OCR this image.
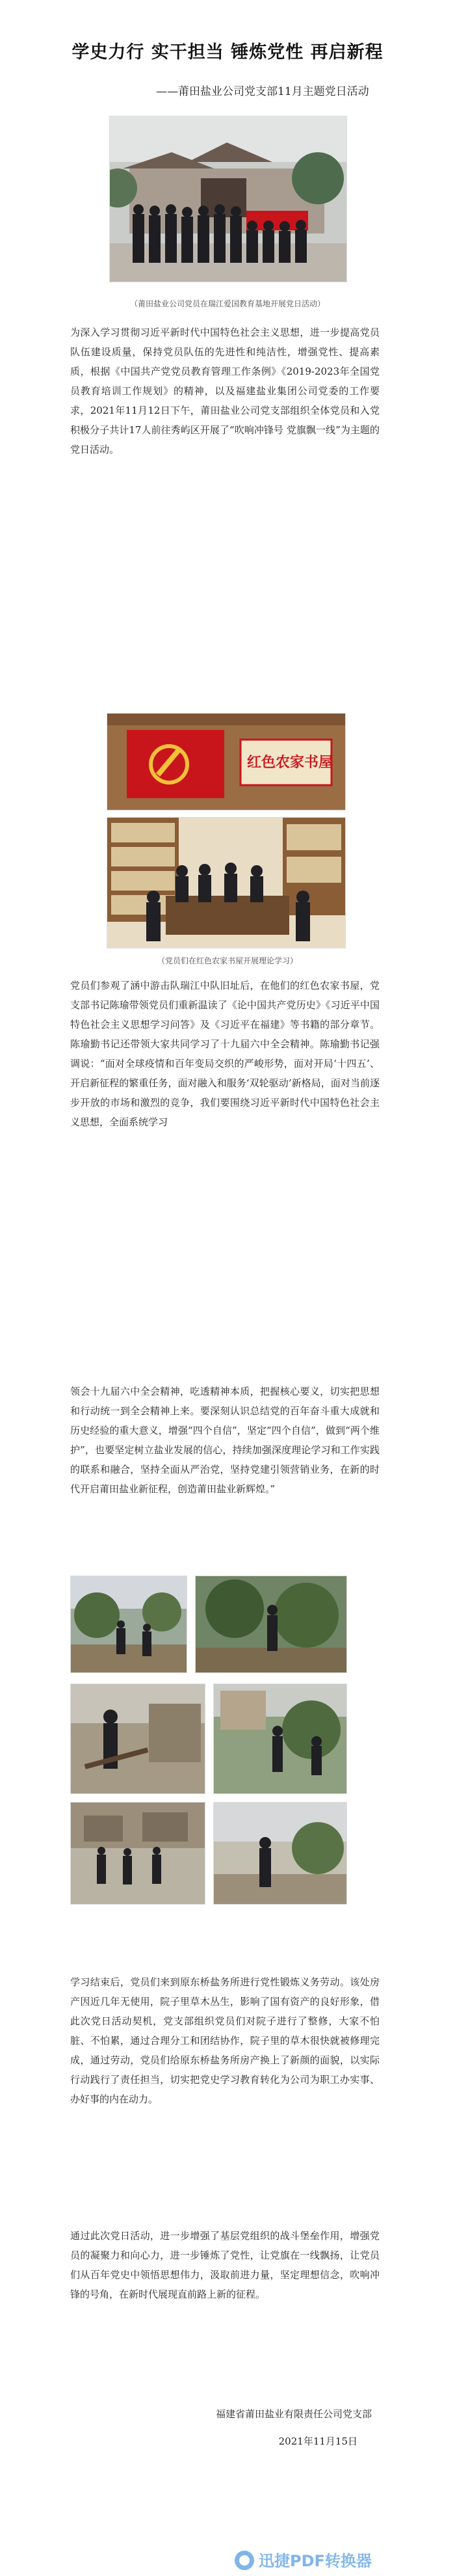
学史力行 实干担当 锤炼党性 再启新程
——莆田盐业公司党支部11月主题党日活动
（莆田盐业公司党员在瑞江爱国教育基地开展党日活动）

为深入学习贯彻习近平新时代中国特色社会主义思想，进一步提高党员队伍建设质量，保持党员队伍的先进性和纯洁性，增强党性、提高素质，根据《中国共产党党员教育管理工作条例》《2019-2023年全国党员教育培训工作规划》的精神，以及福建盐业集团公司党委的工作要求，2021年11月12日下午，莆田盐业公司党支部组织全体党员和入党积极分子共计17人前往秀屿区开展了“吹响冲锋号 党旗飘一线”为主题的党日活动。

红色农家书屋
（党员们在红色农家书屋开展理论学习）

党员们参观了涵中游击队瑞江中队旧址后，在他们的红色农家书屋，党支部书记陈瑜带领党员们重新温读了《论中国共产党历史》《习近平中国特色社会主义思想学习问答》及《习近平在福建》等书籍的部分章节。陈瑜勤书记还带领大家共同学习了十九届六中全会精神。陈瑜勤书记强调说：“面对全球疫情和百年变局交织的严峻形势，面对开局‘十四五’、开启新征程的繁重任务，面对融入和服务‘双轮驱动’新格局，面对当前逐步开放的市场和激烈的竞争，我们要围绕习近平新时代中国特色社会主义思想，全面系统学习

领会十九届六中全会精神，吃透精神本质，把握核心要义，切实把思想和行动统一到全会精神上来。要深刻认识总结党的百年奋斗重大成就和历史经验的重大意义，增强“四个自信”，坚定“四个自信”，做到“两个维护”，也要坚定树立盐业发展的信心，持续加强深度理论学习和工作实践的联系和融合，坚持全面从严治党，坚持党建引领营销业务，在新的时代开启莆田盐业新征程，创造莆田盐业新辉煌。”

学习结束后，党员们来到原东桥盐务所进行党性锻炼义务劳动。该处房产因近几年无使用，院子里草木丛生，影响了国有资产的良好形象，借此次党日活动契机，党支部组织党员们对院子进行了整修，大家不怕脏、不怕累，通过合理分工和团结协作，院子里的草木很快就被修理完成，通过劳动，党员们给原东桥盐务所房产换上了新颜的面貌，以实际行动践行了责任担当，切实把党史学习教育转化为公司为职工办实事、办好事的内在动力。

通过此次党日活动，进一步增强了基层党组织的战斗堡垒作用，增强党员的凝聚力和向心力，进一步锤炼了党性，让党旗在一线飘扬，让党员们从百年党史中领悟思想伟力，汲取前进力量，坚定理想信念，吹响冲锋的号角，在新时代展现直前路上新的征程。

福建省莆田盐业有限责任公司党支部
2021年11月15日
迅捷PDF转换器
